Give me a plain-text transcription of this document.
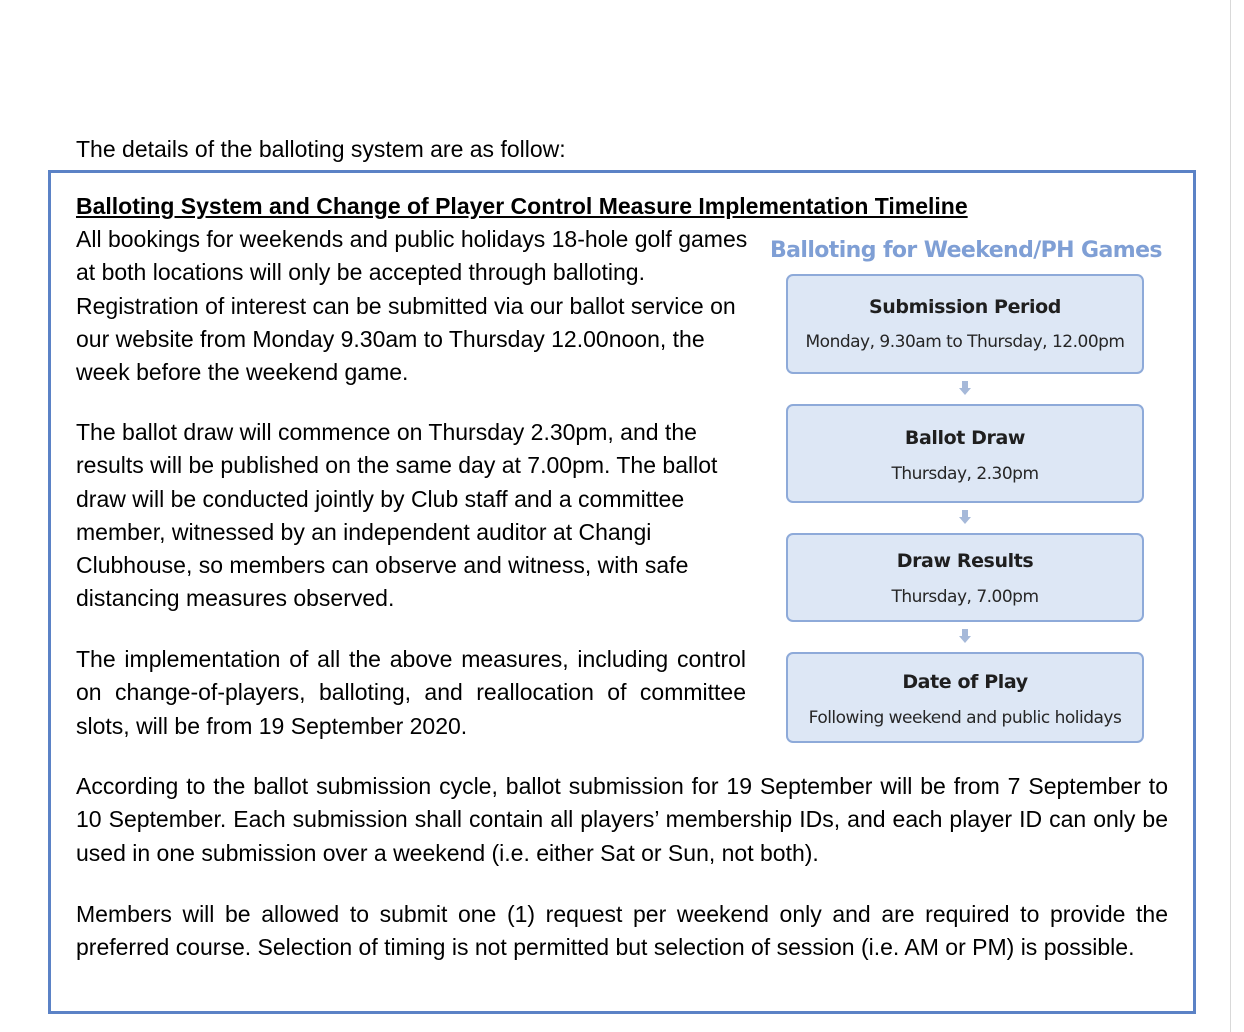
The details of the balloting system are as follow:
Balloting System and Change of Player Control Measure Implementation Timeline
All bookings for weekends and public holidays 18-hole golf games at both locations will only be accepted through balloting. Registration of interest can be submitted via our ballot service on our website from Monday 9.30am to Thursday 12.00noon, the week before the weekend game.
The ballot draw will commence on Thursday 2.30pm, and the results will be published on the same day at 7.00pm. The ballot draw will be conducted jointly by Club staff and a committee member, witnessed by an independent auditor at Changi Clubhouse, so members can observe and witness, with safe distancing measures observed.
The implementation of all the above measures, including control on change-of-players, balloting, and reallocation of committee slots, will be from 19 September 2020.
According to the ballot submission cycle, ballot submission for 19 September will be from 7 September to 10 September. Each submission shall contain all players’ membership IDs, and each player ID can only be used in one submission over a weekend (i.e. either Sat or Sun, not both).
Members will be allowed to submit one (1) request per weekend only and are required to provide the preferred course. Selection of timing is not permitted but selection of session (i.e. AM or PM) is possible.
Balloting for Weekend/PH Games
Submission Period
Monday, 9.30am to Thursday, 12.00pm
Ballot Draw
Thursday, 2.30pm
Draw Results
Thursday, 7.00pm
Date of Play
Following weekend and public holidays
